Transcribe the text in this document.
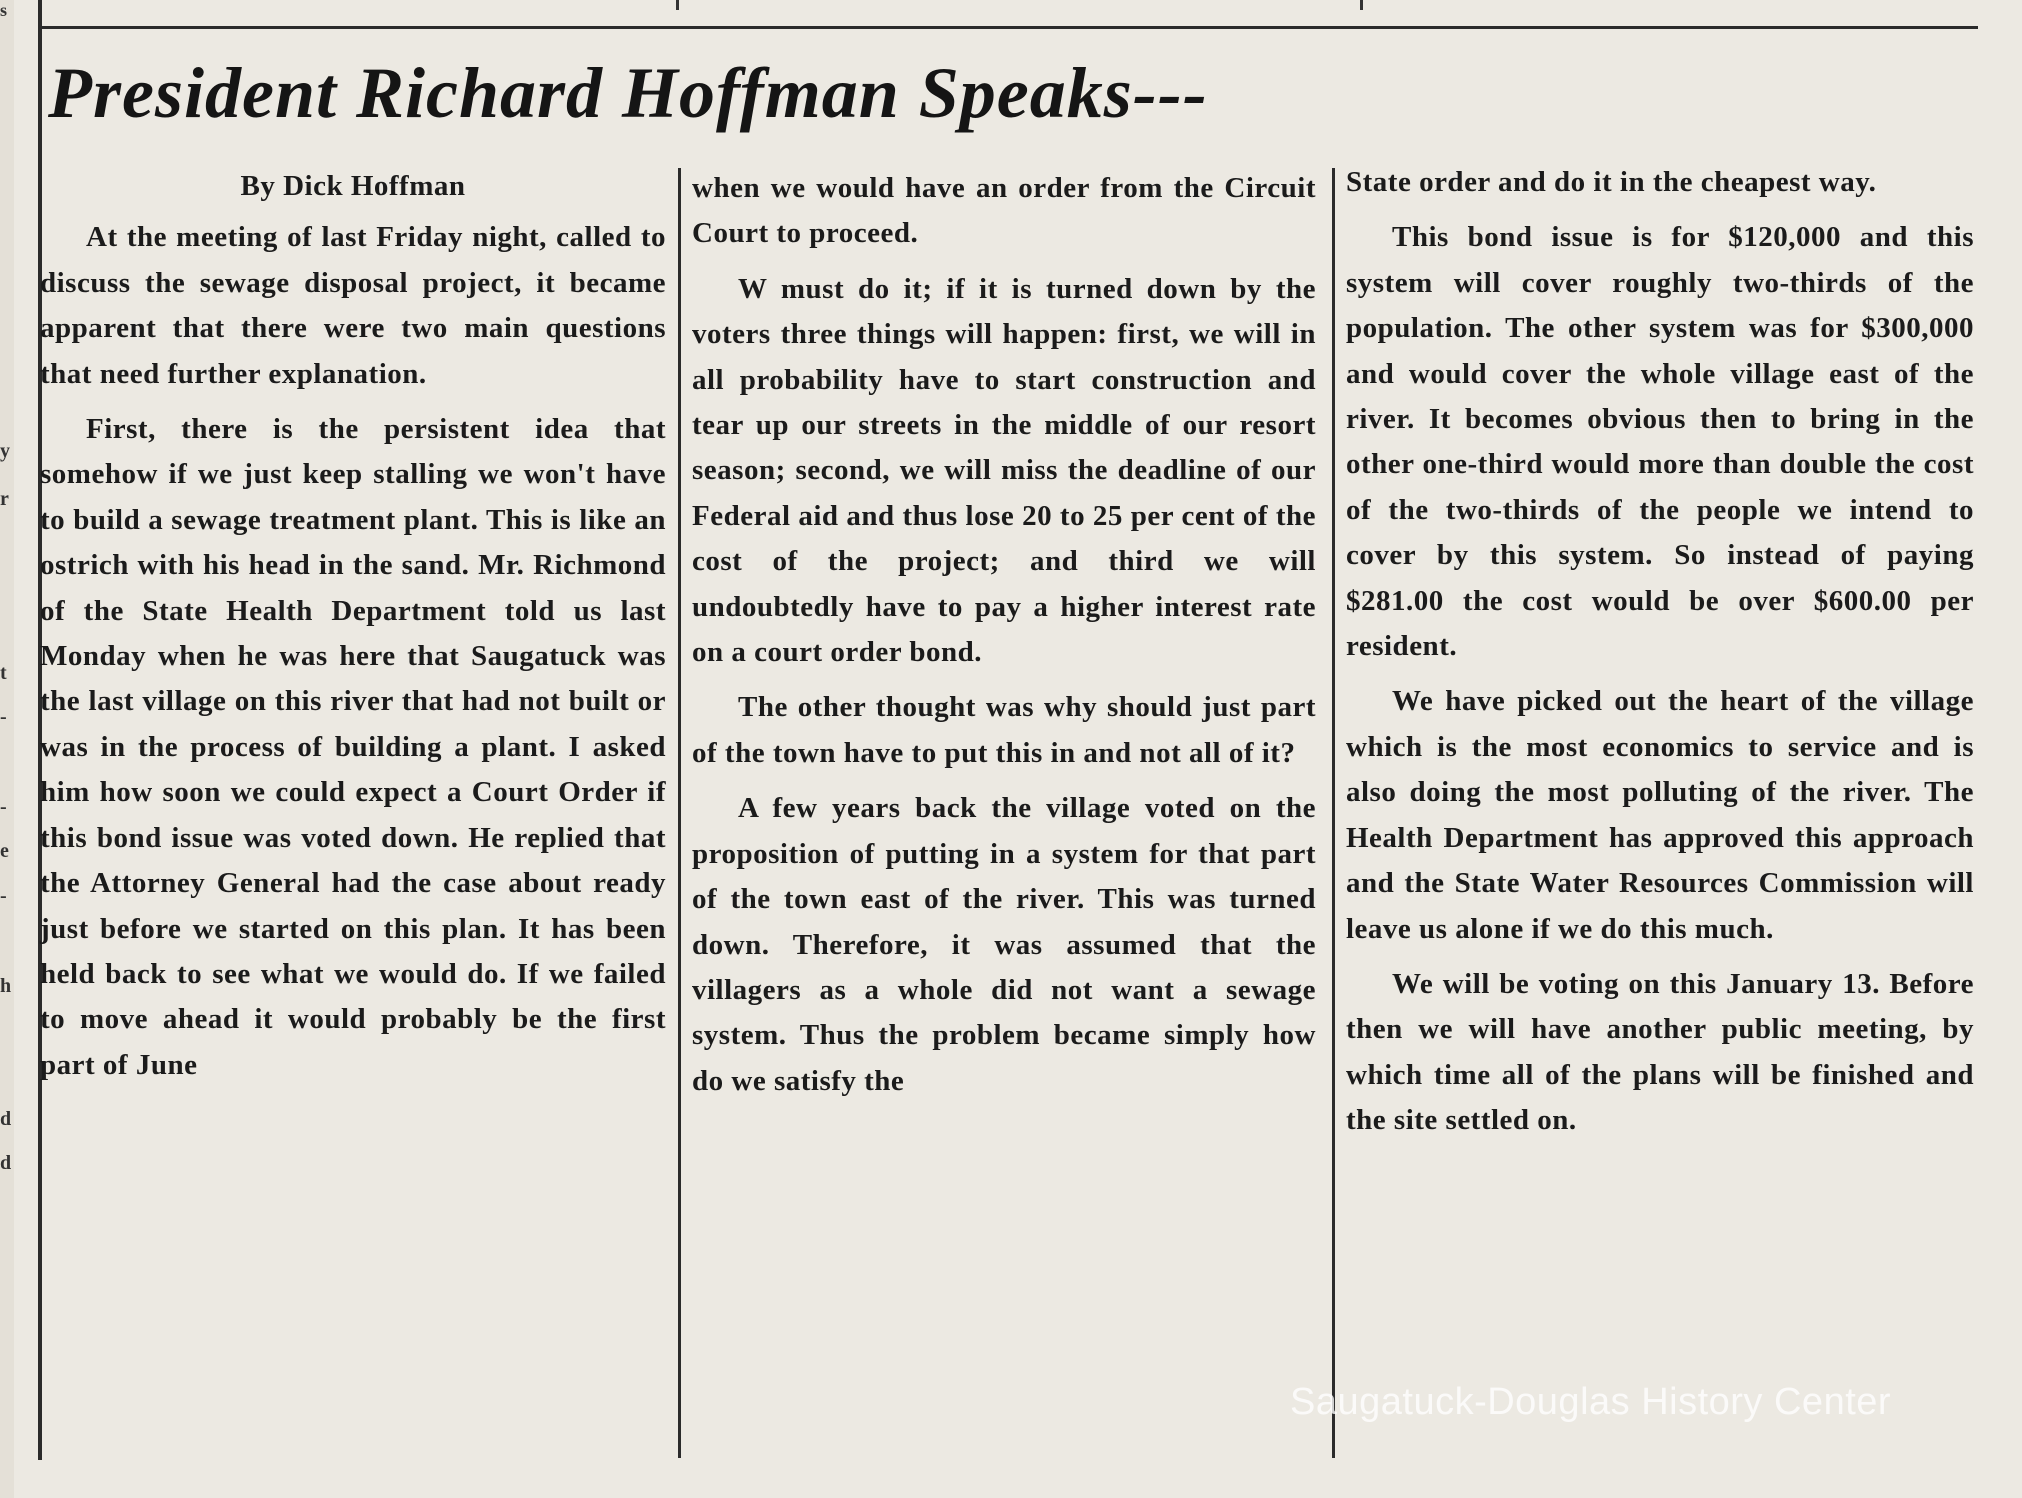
s
y
r
t
-
-
e
-
h
d
d
President Richard Hoffman Speaks---

By Dick Hoffman

At the meeting of last Friday night, called to discuss the sewage disposal project, it became apparent that there were two main questions that need further explanation.

First, there is the persistent idea that somehow if we just keep stalling we won't have to build a sewage treatment plant. This is like an ostrich with his head in the sand. Mr. Richmond of the State Health Department told us last Monday when he was here that Saugatuck was the last village on this river that had not built or was in the process of building a plant. I asked him how soon we could expect a Court Order if this bond issue was voted down. He replied that the Attorney General had the case about ready just before we started on this plan. It has been held back to see what we would do. If we failed to move ahead it would probably be the first part of June

when we would have an order from the Circuit Court to proceed.

W must do it; if it is turned down by the voters three things will happen: first, we will in all probability have to start construction and tear up our streets in the middle of our resort season; second, we will miss the deadline of our Federal aid and thus lose 20 to 25 per cent of the cost of the project; and third we will undoubtedly have to pay a higher interest rate on a court order bond.

The other thought was why should just part of the town have to put this in and not all of it?

A few years back the village voted on the proposition of putting in a system for that part of the town east of the river. This was turned down. Therefore, it was assumed that the villagers as a whole did not want a sewage system. Thus the problem became simply how do we satisfy the

State order and do it in the cheapest way.

This bond issue is for $120,000 and this system will cover roughly two-thirds of the population. The other system was for $300,000 and would cover the whole village east of the river. It becomes obvious then to bring in the other one-third would more than double the cost of the two-thirds of the people we intend to cover by this system. So instead of paying $281.00 the cost would be over $600.00 per resident.

We have picked out the heart of the village which is the most economics to service and is also doing the most polluting of the river. The Health Department has approved this approach and the State Water Resources Commission will leave us alone if we do this much.

We will be voting on this January 13. Before then we will have another public meeting, by which time all of the plans will be finished and the site settled on.

Saugatuck-Douglas History Center
